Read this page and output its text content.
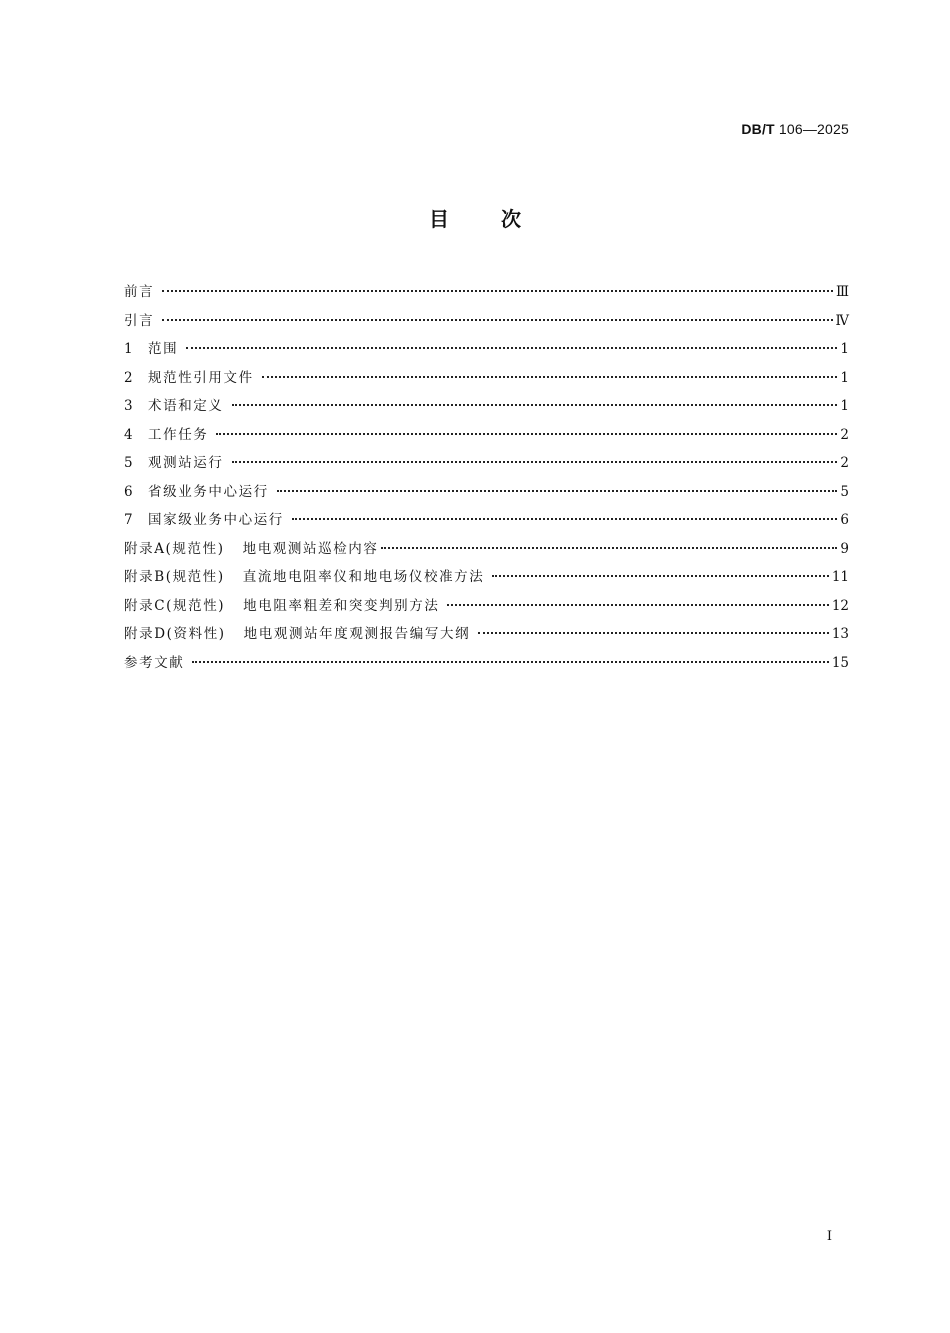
DB/T 106—2025
目	次
前言	Ⅲ
引言	Ⅳ
1	范围	1
2	规范性引用文件	1
3	术语和定义	1
4	工作任务	2
5	观测站运行	2
6	省级业务中心运行	5
7	国家级业务中心运行	6
附录A(规范性) 地电观测站巡检内容	9
附录B(规范性) 直流地电阻率仪和地电场仪校准方法	11
附录C(规范性) 地电阻率粗差和突变判别方法	12
附录D(资料性) 地电观测站年度观测报告编写大纲	13
参考文献	15
I
